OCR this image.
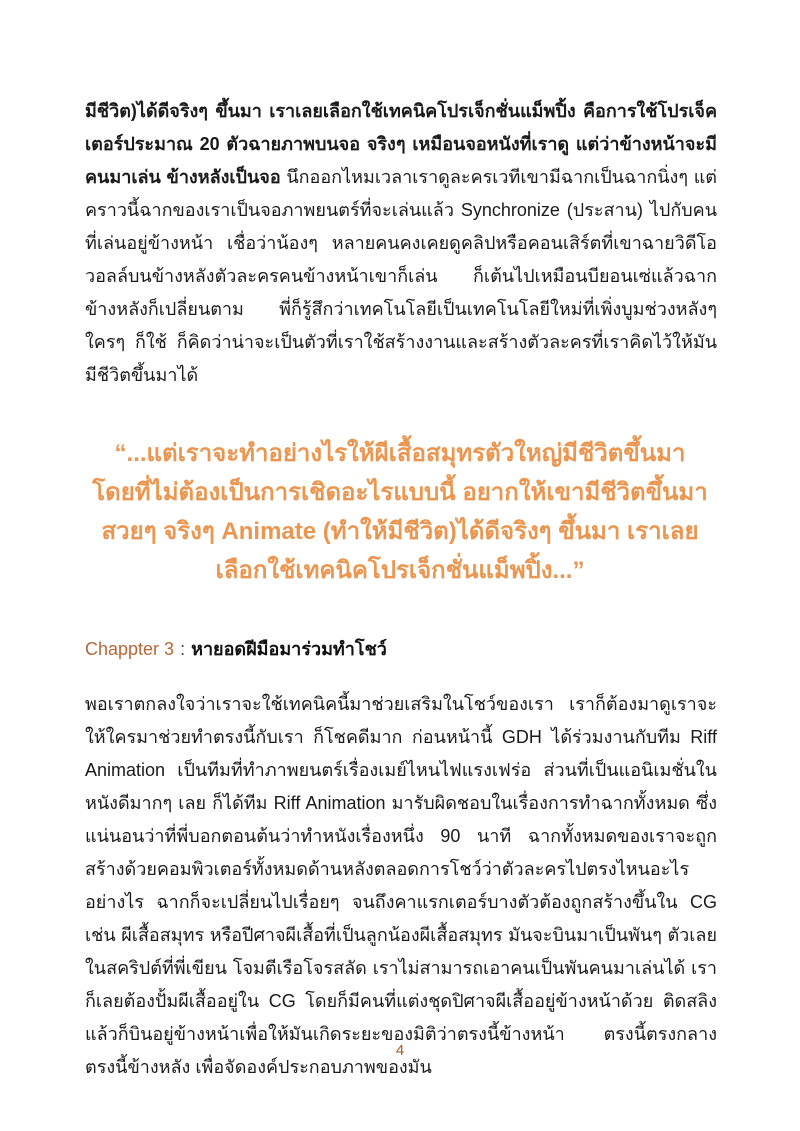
มีชีวิต)ได้ดีจริงๆ ขึ้นมา เราเลยเลือกใช้เทคนิคโปรเจ็กชั่นแม็พปิ้ง คือการใช้โปรเจ็คเตอร์ประมาณ 20 ตัวฉายภาพบนจอ จริงๆ เหมือนจอหนังที่เราดู แต่ว่าข้างหน้าจะมีคนมาเล่น ข้างหลังเป็นจอ นึกออกไหมเวลาเราดูละครเวทีเขามีฉากเป็นฉากนิ่งๆ แต่คราวนี้ฉากของเราเป็นจอภาพยนตร์ที่จะเล่นแล้ว Synchronize (ประสาน) ไปกับคนที่เล่นอยู่ข้างหน้า เชื่อว่าน้องๆ หลายคนคงเคยดูคลิปหรือคอนเสิร์ตที่เขาฉายวิดีโอวอลล์บนข้างหลังตัวละครคนข้างหน้าเขาก็เล่น ก็เต้นไปเหมือนบียอนเซ่แล้วฉากข้างหลังก็เปลี่ยนตาม พี่ก็รู้สึกว่าเทคโนโลยีเป็นเทคโนโลยีใหม่ที่เพิ่งบูมช่วงหลังๆ ใครๆ ก็ใช้ ก็คิดว่าน่าจะเป็นตัวที่เราใช้สร้างงานและสร้างตัวละครที่เราคิดไว้ให้มันมีชีวิตขึ้นมาได้

“...แต่เราจะทำอย่างไรให้ผีเสื้อสมุทรตัวใหญ่มีชีวิตขึ้นมาโดยที่ไม่ต้องเป็นการเชิดอะไรแบบนี้ อยากให้เขามีชีวิตขึ้นมาสวยๆ จริงๆ Animate (ทำให้มีชีวิต)ได้ดีจริงๆ ขึ้นมา เราเลยเลือกใช้เทคนิคโปรเจ็กชั่นแม็พปิ้ง...”
Chappter 3 : หายอดฝีมือมาร่วมทำโชว์

พอเราตกลงใจว่าเราจะใช้เทคนิคนี้มาช่วยเสริมในโชว์ของเรา เราก็ต้องมาดูเราจะให้ใครมาช่วยทำตรงนี้กับเรา ก็โชคดีมาก ก่อนหน้านี้ GDH ได้ร่วมงานกับทีม Riff Animation เป็นทีมที่ทำภาพยนตร์เรื่องเมย์ไหนไฟแรงเฟร่อ ส่วนที่เป็นแอนิเมชั่นในหนังดีมากๆ เลย ก็ได้ทีม Riff Animation มารับผิดชอบในเรื่องการทำฉากทั้งหมด ซึ่งแน่นอนว่าที่พี่บอกตอนต้นว่าทำหนังเรื่องหนึ่ง 90 นาที ฉากทั้งหมดของเราจะถูกสร้างด้วยคอมพิวเตอร์ทั้งหมดด้านหลังตลอดการโชว์ว่าตัวละครไปตรงไหนอะไรอย่างไร ฉากก็จะเปลี่ยนไปเรื่อยๆ จนถึงคาแรกเตอร์บางตัวต้องถูกสร้างขึ้นใน CG เช่น ผีเสื้อสมุทร หรือปีศาจผีเสื้อที่เป็นลูกน้องผีเสื้อสมุทร มันจะบินมาเป็นพันๆ ตัวเลยในสคริปต์ที่พี่เขียน โจมตีเรือโจรสลัด เราไม่สามารถเอาคนเป็นพันคนมาเล่นได้ เราก็เลยต้องปั้มผีเสื้ออยู่ใน CG โดยก็มีคนที่แต่งชุดปิศาจผีเสื้ออยู่ข้างหน้าด้วย ติดสลิง แล้วก็บินอยู่ข้างหน้าเพื่อให้มันเกิดระยะของมิติว่าตรงนี้ข้างหน้า ตรงนี้ตรงกลาง ตรงนี้ข้างหลัง เพื่อจัดองค์ประกอบภาพของมัน

4
